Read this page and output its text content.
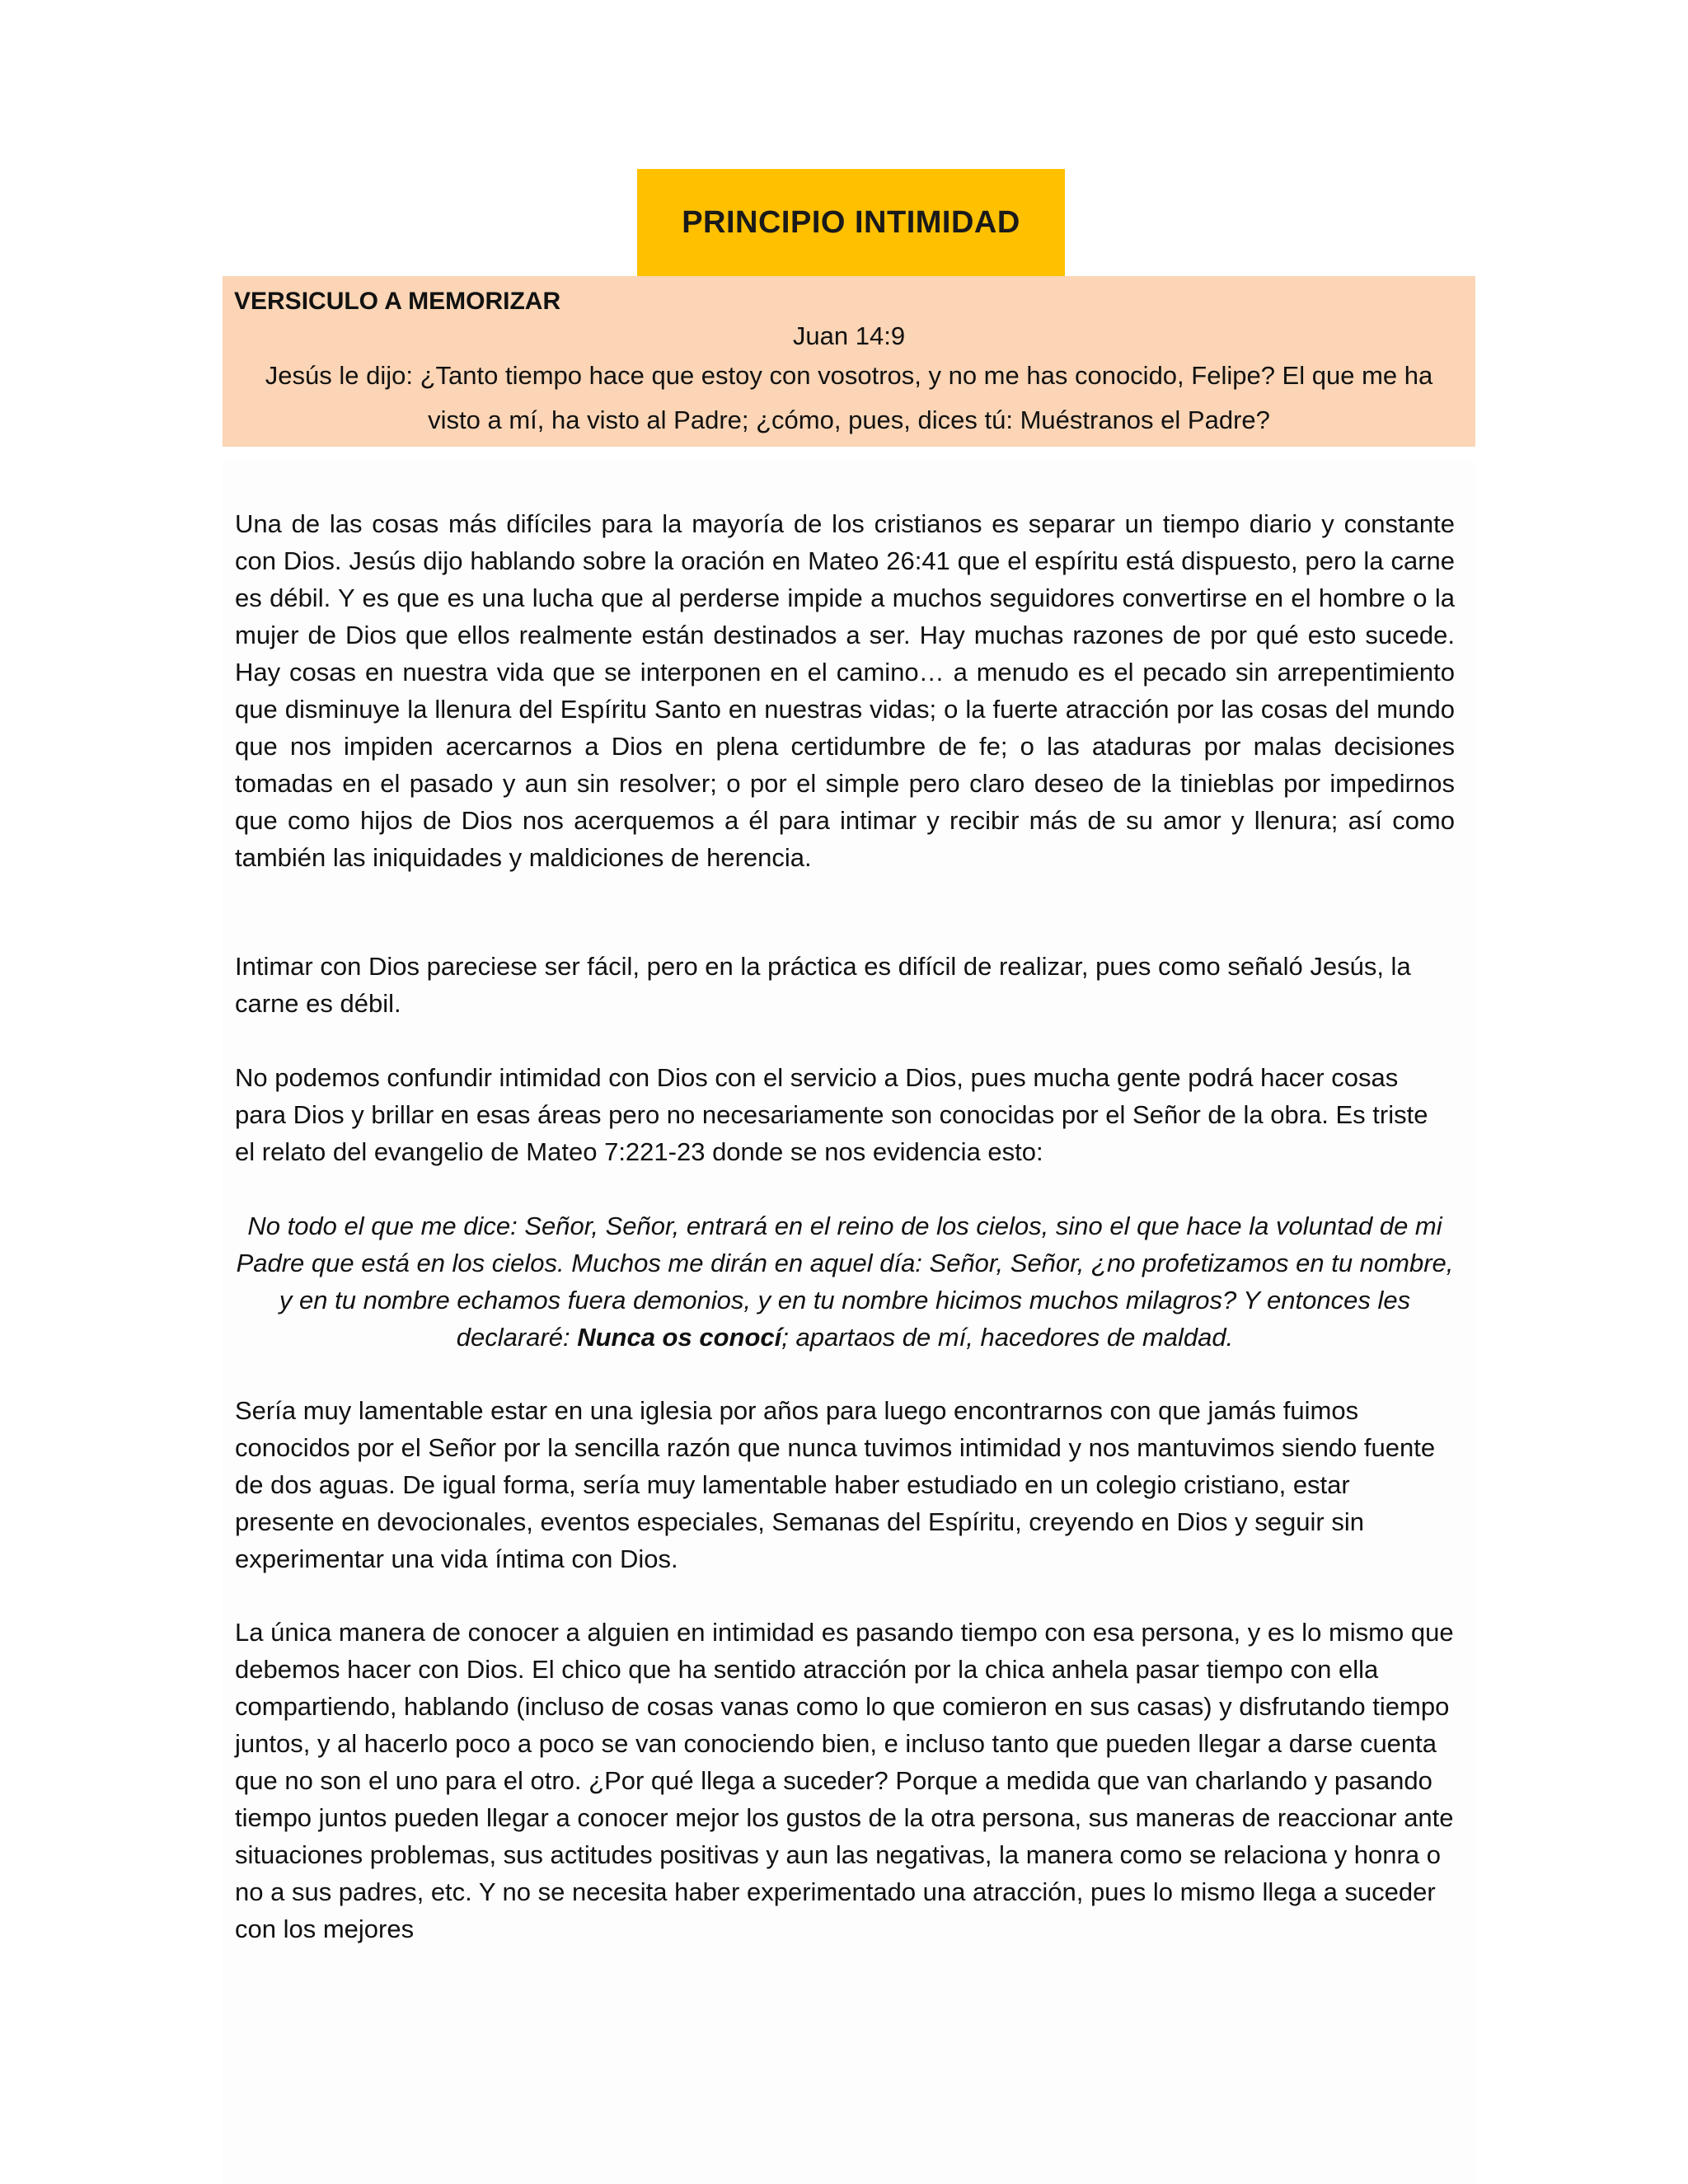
PRINCIPIO INTIMIDAD

VERSICULO A MEMORIZAR

Juan 14:9

Jesús le dijo: ¿Tanto tiempo hace que estoy con vosotros, y no me has conocido, Felipe? El que me ha visto a mí, ha visto al Padre; ¿cómo, pues, dices tú: Muéstranos el Padre?

Una de las cosas más difíciles para la mayoría de los cristianos es separar un tiempo diario y constante con Dios. Jesús dijo hablando sobre la oración en Mateo 26:41 que el espíritu está dispuesto, pero la carne es débil. Y es que es una lucha que al perderse impide a muchos seguidores convertirse en el hombre o la mujer de Dios que ellos realmente están destinados a ser. Hay muchas razones de por qué esto sucede. Hay cosas en nuestra vida que se interponen en el camino… a menudo es el pecado sin arrepentimiento que disminuye la llenura del Espíritu Santo en nuestras vidas; o la fuerte atracción por las cosas del mundo que nos impiden acercarnos a Dios en plena certidumbre de fe; o las ataduras por malas decisiones tomadas en el pasado y aun sin resolver; o por el simple pero claro deseo de la tinieblas por impedirnos que como hijos de Dios nos acerquemos a él para intimar y recibir más de su amor y llenura; así como también las iniquidades y maldiciones de herencia.

Intimar con Dios pareciese ser fácil, pero en la práctica es difícil de realizar, pues como señaló Jesús, la carne es débil.

No podemos confundir intimidad con Dios con el servicio a Dios, pues mucha gente podrá hacer cosas para Dios y brillar en esas áreas pero no necesariamente son conocidas por el Señor de la obra. Es triste el relato del evangelio de Mateo 7:221-23 donde se nos evidencia esto:

No todo el que me dice: Señor, Señor, entrará en el reino de los cielos, sino el que hace la voluntad de mi Padre que está en los cielos. Muchos me dirán en aquel día: Señor, Señor, ¿no profetizamos en tu nombre, y en tu nombre echamos fuera demonios, y en tu nombre hicimos muchos milagros? Y entonces les declararé: Nunca os conocí; apartaos de mí, hacedores de maldad.

Sería muy lamentable estar en una iglesia por años para luego encontrarnos con que jamás fuimos conocidos por el Señor por la sencilla razón que nunca tuvimos intimidad y nos mantuvimos siendo fuente de dos aguas. De igual forma, sería muy lamentable haber estudiado en un colegio cristiano, estar presente en devocionales, eventos especiales, Semanas del Espíritu, creyendo en Dios y seguir sin experimentar una vida íntima con Dios.

La única manera de conocer a alguien en intimidad es pasando tiempo con esa persona, y es lo mismo que debemos hacer con Dios. El chico que ha sentido atracción por la chica anhela pasar tiempo con ella compartiendo, hablando (incluso de cosas vanas como lo que comieron en sus casas) y disfrutando tiempo juntos, y al hacerlo poco a poco se van conociendo bien, e incluso tanto que pueden llegar a darse cuenta que no son el uno para el otro. ¿Por qué llega a suceder? Porque a medida que van charlando y pasando tiempo juntos pueden llegar a conocer mejor los gustos de la otra persona, sus maneras de reaccionar ante situaciones problemas, sus actitudes positivas y aun las negativas, la manera como se relaciona y honra o no a sus padres, etc. Y no se necesita haber experimentado una atracción, pues lo mismo llega a suceder con los mejores
